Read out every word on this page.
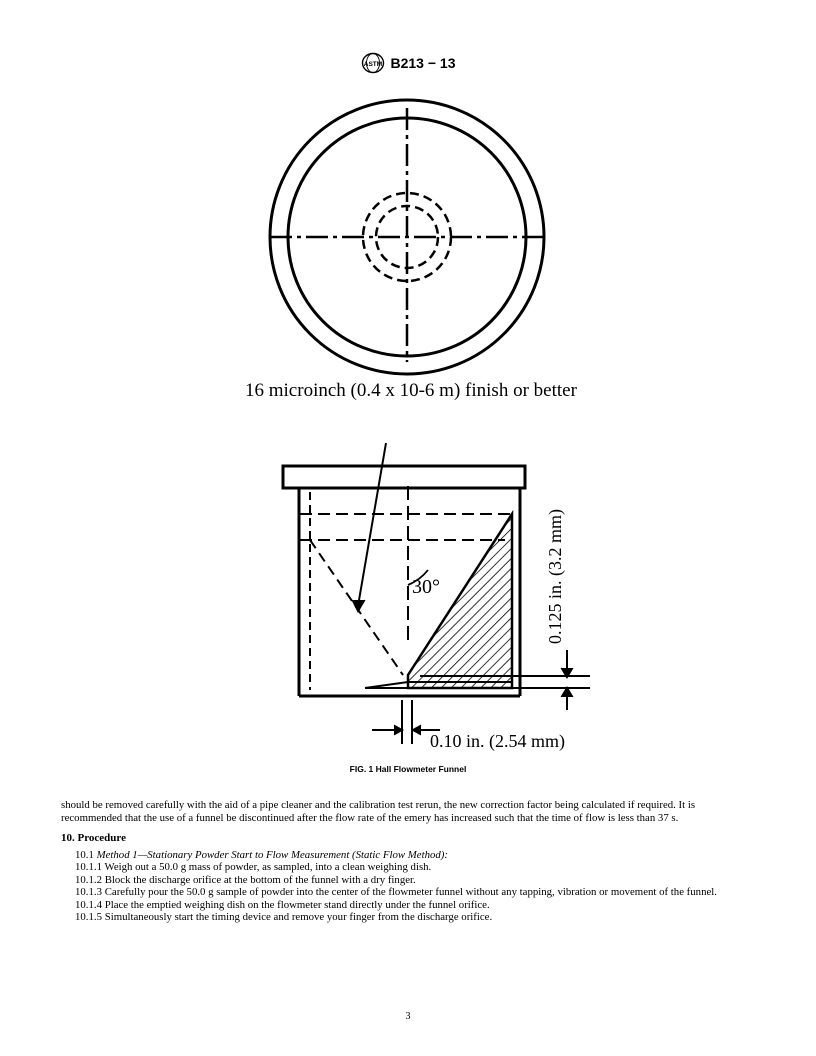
ASTM B213 − 13
16 microinch (0.4 x 10-6 m) finish or better
30°	0.125 in. (3.2 mm)
0.10 in. (2.54 mm)
FIG. 1 Hall Flowmeter Funnel

should be removed carefully with the aid of a pipe cleaner and the calibration test rerun, the new correction factor being calculated if required. It is recommended that the use of a funnel be discontinued after the flow rate of the emery has increased such that the time of flow is less than 37 s.

10. Procedure

10.1 Method 1—Stationary Powder Start to Flow Measurement (Static Flow Method):

10.1.1 Weigh out a 50.0 g mass of powder, as sampled, into a clean weighing dish.

10.1.2 Block the discharge orifice at the bottom of the funnel with a dry finger.

10.1.3 Carefully pour the 50.0 g sample of powder into the center of the flowmeter funnel without any tapping, vibration or movement of the funnel.

10.1.4 Place the emptied weighing dish on the flowmeter stand directly under the funnel orifice.

10.1.5 Simultaneously start the timing device and remove your finger from the discharge orifice.

3
